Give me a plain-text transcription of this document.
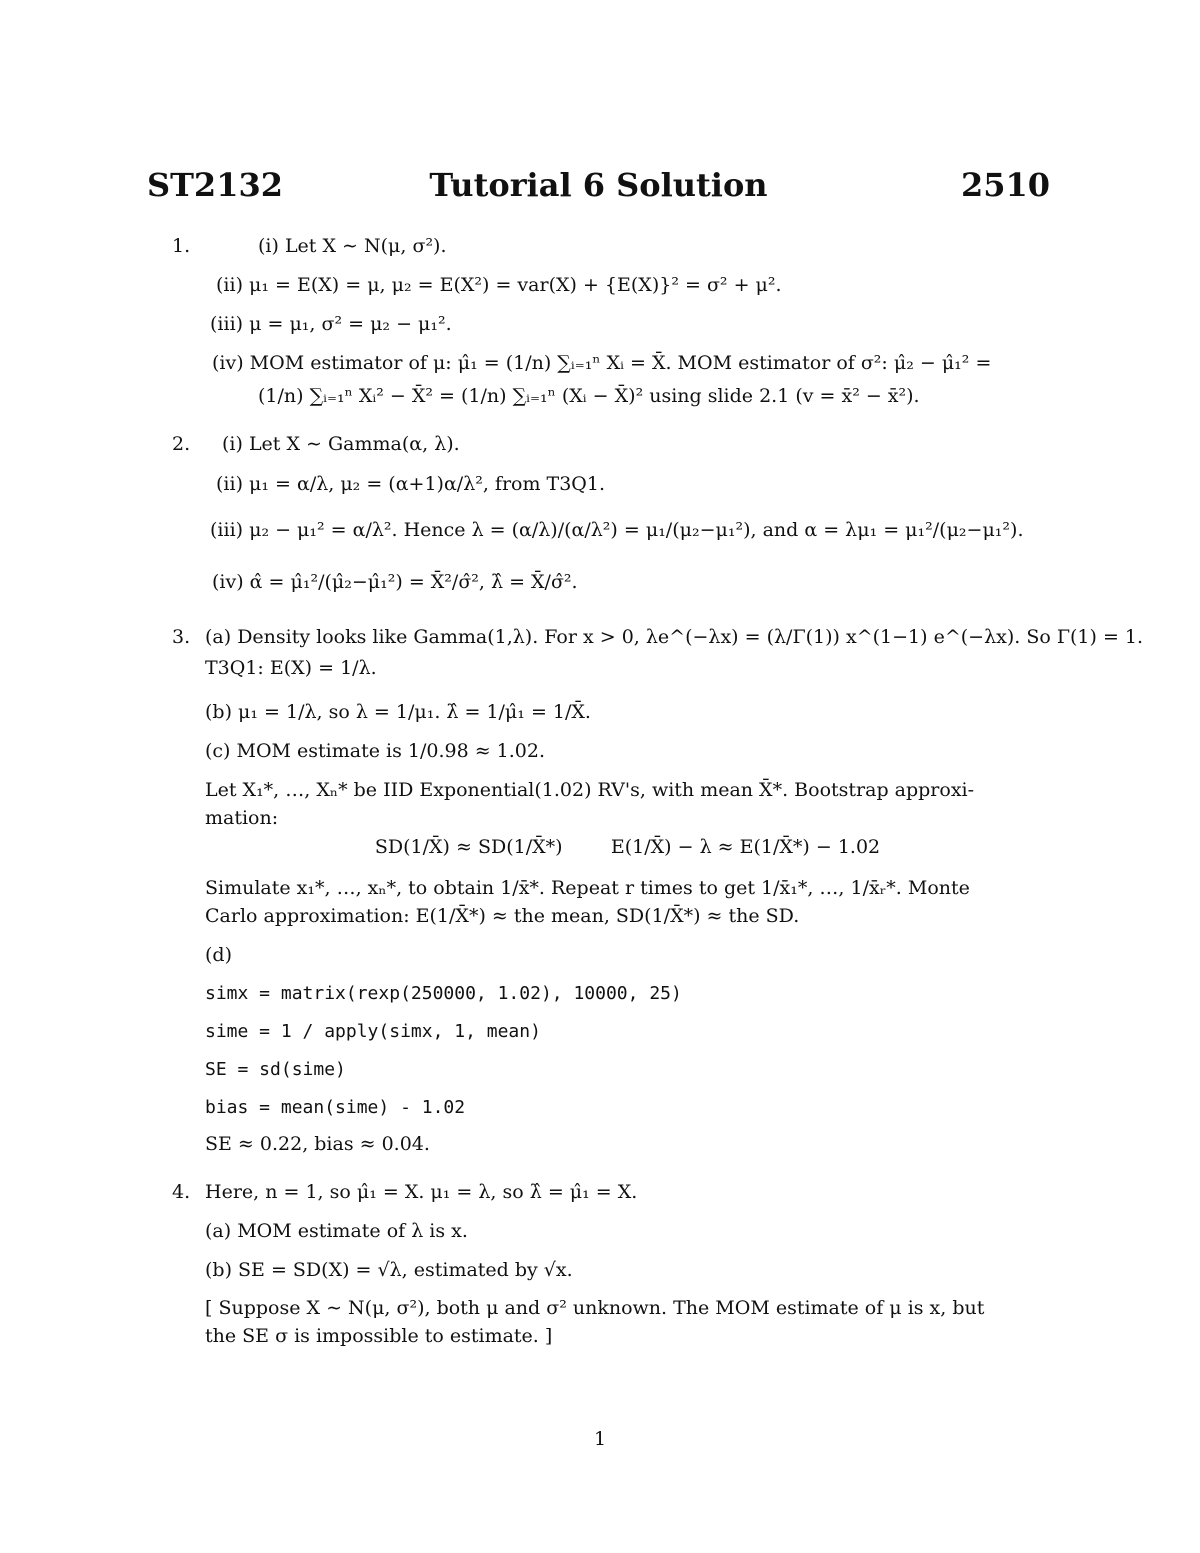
ST2132	Tutorial 6 Solution	2510
1.	(i) Let X ∼ N(μ, σ²).
(ii) μ₁ = E(X) = μ, μ₂ = E(X²) = var(X) + {E(X)}² = σ² + μ².
(iii) μ = μ₁, σ² = μ₂ − μ₁².
(iv) MOM estimator of μ: μ̂₁ = (1/n) ∑ᵢ₌₁ⁿ Xᵢ = X̄. MOM estimator of σ²: μ̂₂ − μ̂₁² =
(1/n) ∑ᵢ₌₁ⁿ Xᵢ² − X̄² = (1/n) ∑ᵢ₌₁ⁿ (Xᵢ − X̄)² using slide 2.1 (v = x̄² − x̄²).
2. (i) Let X ∼ Gamma(α, λ).
(ii) μ₁ = α/λ, μ₂ = (α+1)α/λ², from T3Q1.
(iii) μ₂ − μ₁² = α/λ². Hence λ = (α/λ)/(α/λ²) = μ₁/(μ₂−μ₁²), and α = λμ₁ = μ₁²/(μ₂−μ₁²).
(iv) α̂ = μ̂₁²/(μ̂₂−μ̂₁²) = X̄²/σ̂², λ̂ = X̄/σ̂².
3. (a) Density looks like Gamma(1,λ). For x > 0, λe^(−λx) = (λ/Γ(1)) x^(1−1) e^(−λx). So Γ(1) = 1.
T3Q1: E(X) = 1/λ.
(b) μ₁ = 1/λ, so λ = 1/μ₁. λ̂ = 1/μ̂₁ = 1/X̄.
(c) MOM estimate is 1/0.98 ≈ 1.02.
Let X₁*, …, Xₙ* be IID Exponential(1.02) RV's, with mean X̄*. Bootstrap approxi-
mation:
SD(1/X̄) ≈ SD(1/X̄*)        E(1/X̄) − λ ≈ E(1/X̄*) − 1.02
Simulate x₁*, …, xₙ*, to obtain 1/x̄*. Repeat r times to get 1/x̄₁*, …, 1/x̄ᵣ*. Monte
Carlo approximation: E(1/X̄*) ≈ the mean, SD(1/X̄*) ≈ the SD.
(d)
simx = matrix(rexp(250000, 1.02), 10000, 25)
sime = 1 / apply(simx, 1, mean)
SE = sd(sime)
bias = mean(sime) - 1.02
SE ≈ 0.22, bias ≈ 0.04.
4. Here, n = 1, so μ̂₁ = X. μ₁ = λ, so λ̂ = μ̂₁ = X.
(a) MOM estimate of λ is x.
(b) SE = SD(X) = √λ, estimated by √x.
[ Suppose X ∼ N(μ, σ²), both μ and σ² unknown. The MOM estimate of μ is x, but
the SE σ is impossible to estimate. ]
1
